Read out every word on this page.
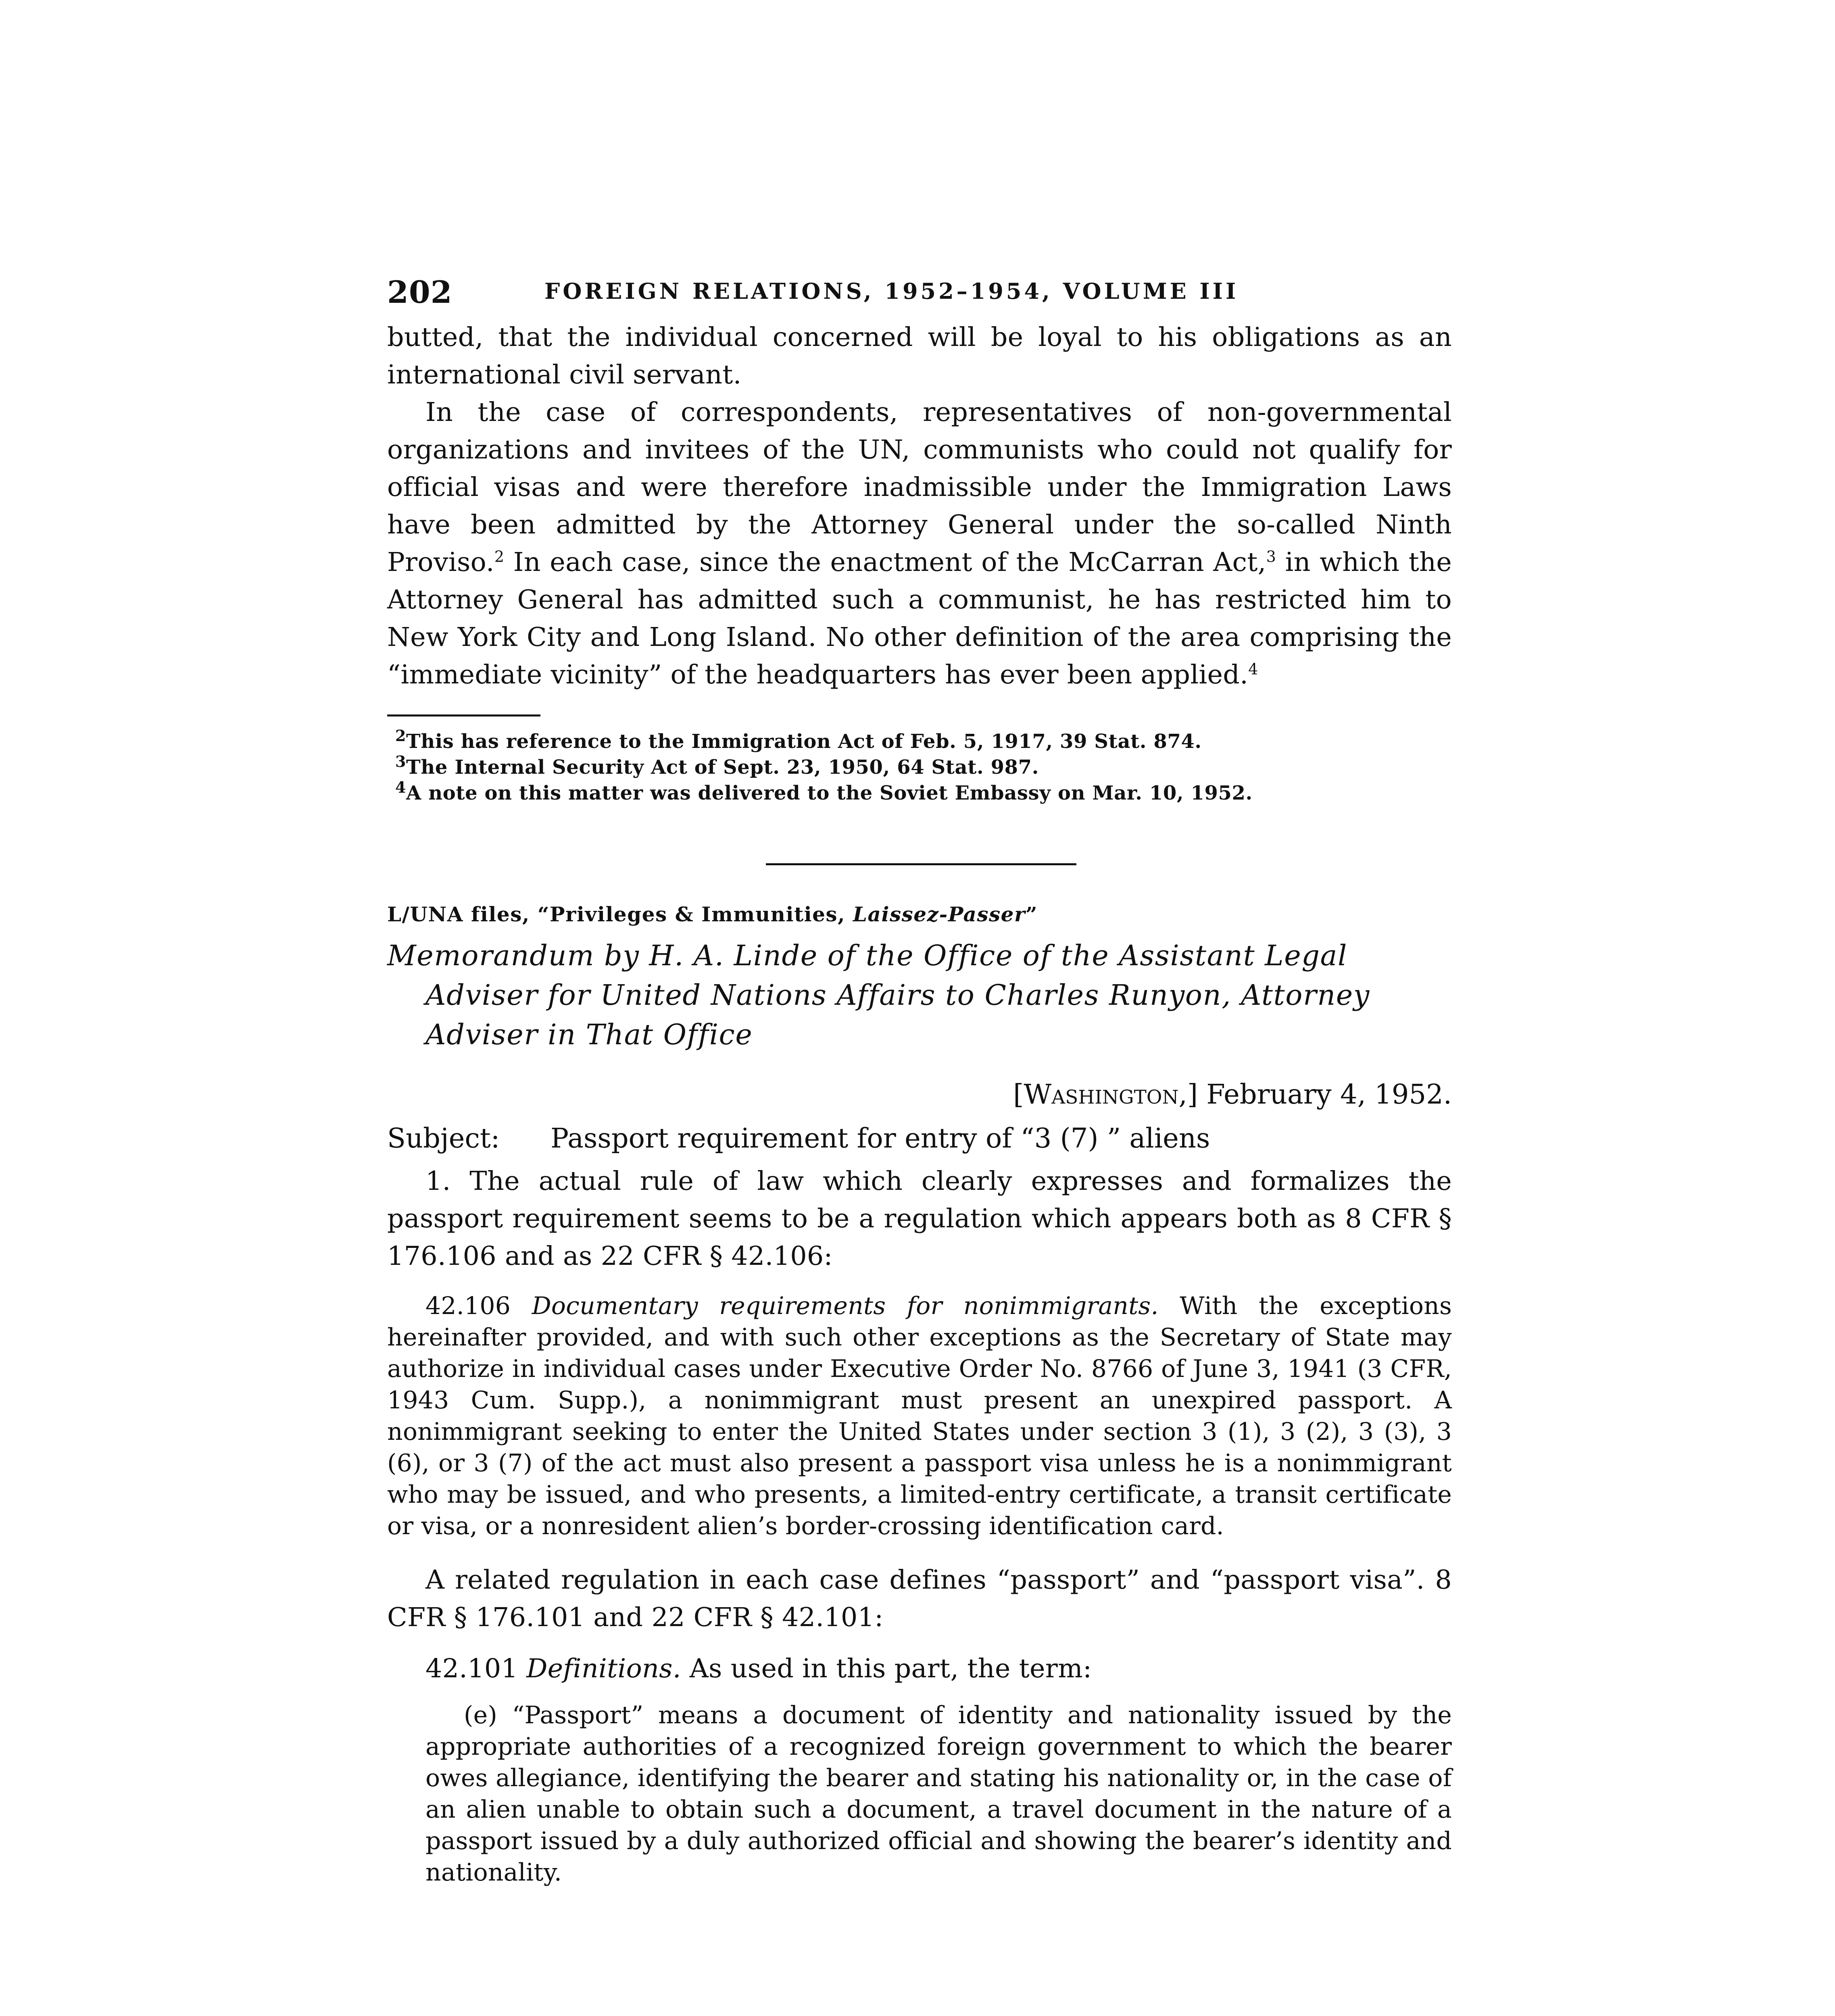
202	FOREIGN RELATIONS, 1952–1954, VOLUME III

butted, that the individual concerned will be loyal to his obligations as an international civil servant.

In the case of correspondents, representatives of non-governmental organizations and invitees of the UN, communists who could not qualify for official visas and were therefore inadmissible under the Immigration Laws have been admitted by the Attorney General under the so-called Ninth Proviso.$^2$ In each case, since the enactment of the McCarran Act,$^3$ in which the Attorney General has admitted such a communist, he has restricted him to New York City and Long Island. No other definition of the area comprising the “immediate vicinity” of the headquarters has ever been applied.$^4$

$^2$This has reference to the Immigration Act of Feb. 5, 1917, 39 Stat. 874.

$^3$The Internal Security Act of Sept. 23, 1950, 64 Stat. 987.

$^4$A note on this matter was delivered to the Soviet Embassy on Mar. 10, 1952.

L/UNA files, “Privileges & Immunities, Laissez-Passer”

Memorandum by H. A. Linde of the Office of the Assistant Legal Adviser for United Nations Affairs to Charles Runyon, Attorney Adviser in That Office

[Washington,] February 4, 1952.

Subject: Passport requirement for entry of “3 (7) ” aliens

1. The actual rule of law which clearly expresses and formalizes the passport requirement seems to be a regulation which appears both as 8 CFR § 176.106 and as 22 CFR § 42.106:

42.106 Documentary requirements for nonimmigrants. With the exceptions hereinafter provided, and with such other exceptions as the Secretary of State may authorize in individual cases under Executive Order No. 8766 of June 3, 1941 (3 CFR, 1943 Cum. Supp.), a nonimmigrant must present an unexpired passport. A nonimmigrant seeking to enter the United States under section 3 (1), 3 (2), 3 (3), 3 (6), or 3 (7) of the act must also present a passport visa unless he is a nonimmigrant who may be issued, and who presents, a limited-entry certificate, a transit certificate or visa, or a nonresident alien’s border-crossing identification card.

A related regulation in each case defines “passport” and “passport visa”. 8 CFR § 176.101 and 22 CFR § 42.101:

42.101 Definitions. As used in this part, the term:

(e) “Passport” means a document of identity and nationality issued by the appropriate authorities of a recognized foreign government to which the bearer owes allegiance, identifying the bearer and stating his nationality or, in the case of an alien unable to obtain such a document, a travel document in the nature of a passport issued by a duly authorized official and showing the bearer’s identity and nationality.
